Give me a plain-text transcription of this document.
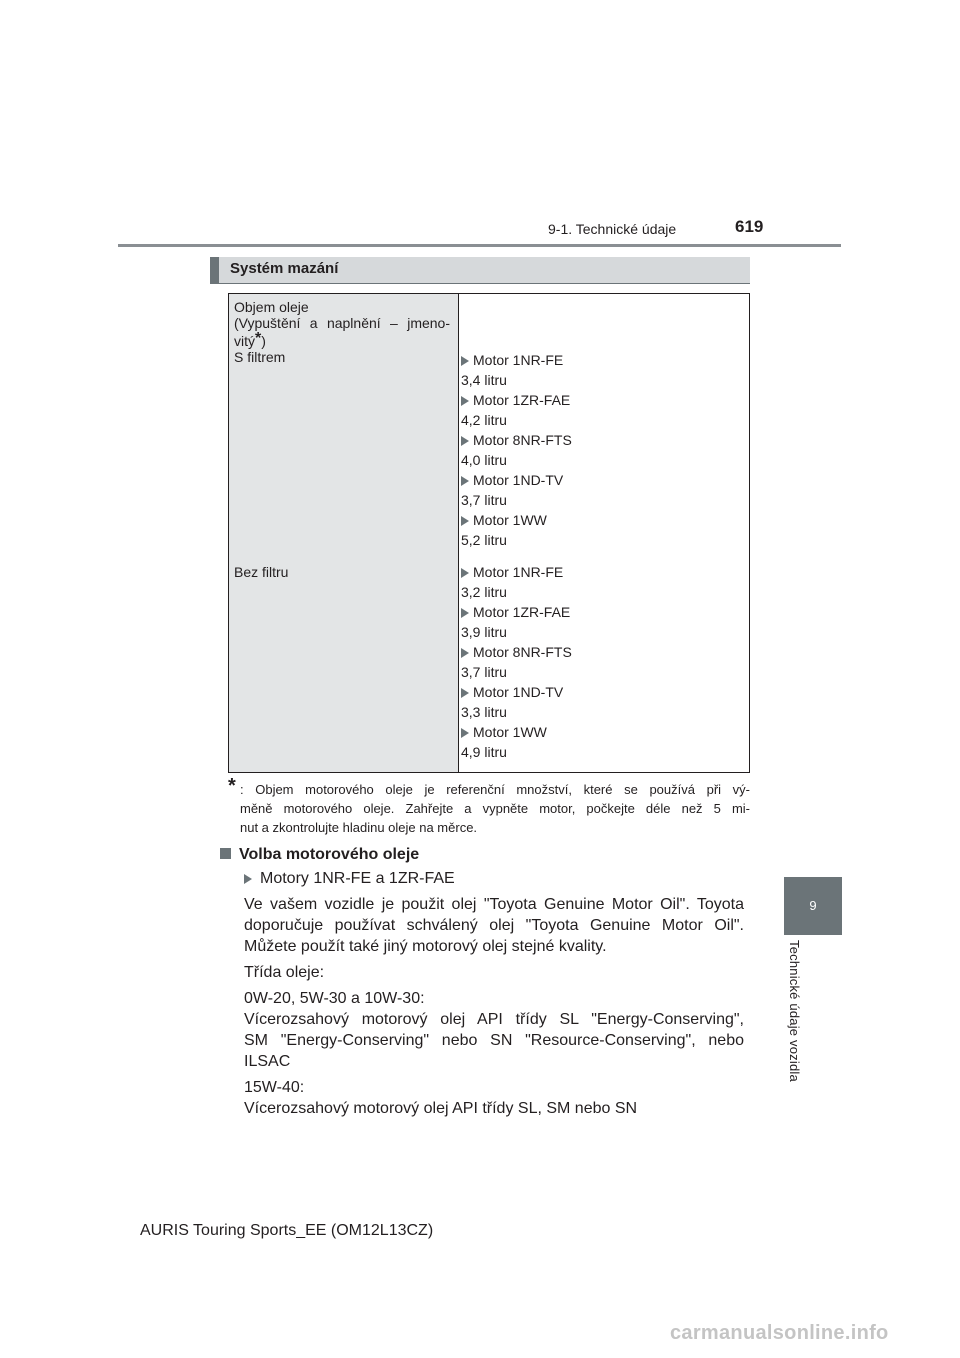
9-1. Technické údaje	619
9
Technické údaje vozidla
Systém mazání
Objem oleje
(Vypuštění a naplnění – jmeno-
vitý*)
S filtrem
Bez filtru
Motor 1NR-FE
3,4 litru
Motor 1ZR-FAE
4,2 litru
Motor 8NR-FTS
4,0 litru
Motor 1ND-TV
3,7 litru
Motor 1WW
5,2 litru
Motor 1NR-FE
3,2 litru
Motor 1ZR-FAE
3,9 litru
Motor 8NR-FTS
3,7 litru
Motor 1ND-TV
3,3 litru
Motor 1WW
4,9 litru
* : Objem motorového oleje je referenční množství, které se používá při vý-
měně motorového oleje. Zahřejte a vypněte motor, počkejte déle než 5 mi-
nut a zkontrolujte hladinu oleje na měrce.
Volba motorového oleje
Motory 1NR-FE a 1ZR-FAE
Ve vašem vozidle je použit olej "Toyota Genuine Motor Oil". Toyota
doporučuje používat schválený olej "Toyota Genuine Motor Oil".
Můžete použít také jiný motorový olej stejné kvality.
Třída oleje:
0W-20, 5W-30 a 10W-30:
Vícerozsahový motorový olej API třídy SL "Energy-Conserving",
SM "Energy-Conserving" nebo SN "Resource-Conserving", nebo
ILSAC
15W-40:
Vícerozsahový motorový olej API třídy SL, SM nebo SN
AURIS Touring Sports_EE (OM12L13CZ)
carmanualsonline.info
